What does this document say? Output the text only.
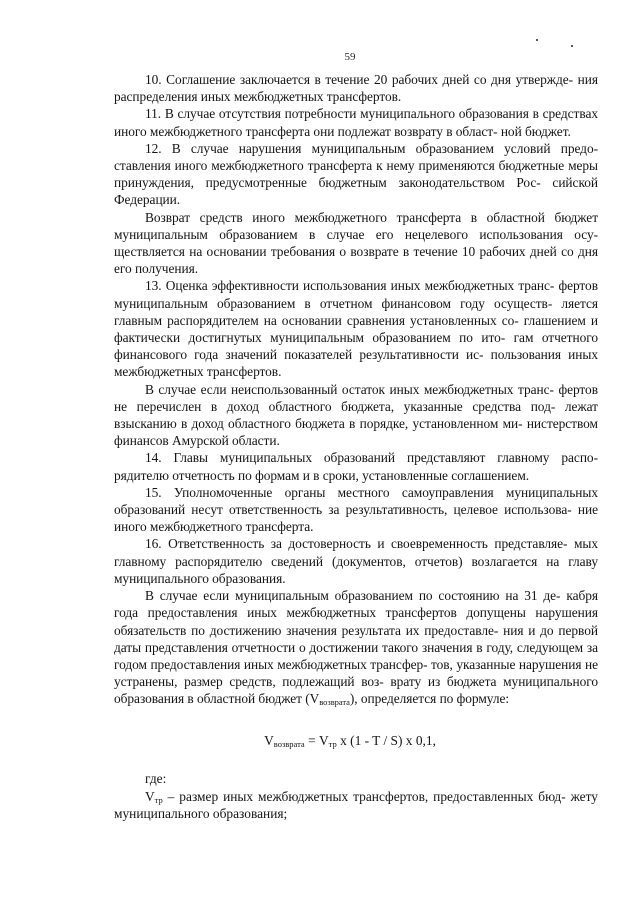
59

10. Соглашение заключается в течение 20 рабочих дней со дня утвержде- ния распределения иных межбюджетных трансфертов.

11. В случае отсутствия потребности муниципального образования в средствах иного межбюджетного трансферта они подлежат возврату в област- ной бюджет.

12. В случае нарушения муниципальным образованием условий предо- ставления иного межбюджетного трансферта к нему применяются бюджетные меры принуждения, предусмотренные бюджетным законодательством Рос- сийской Федерации.

Возврат средств иного межбюджетного трансферта в областной бюджет муниципальным образованием в случае его нецелевого использования осу- ществляется на основании требования о возврате в течение 10 рабочих дней со дня его получения.

13. Оценка эффективности использования иных межбюджетных транс- фертов муниципальным образованием в отчетном финансовом году осуществ- ляется главным распорядителем на основании сравнения установленных со- глашением и фактически достигнутых муниципальным образованием по ито- гам отчетного финансового года значений показателей результативности ис- пользования иных межбюджетных трансфертов.

В случае если неиспользованный остаток иных межбюджетных транс- фертов не перечислен в доход областного бюджета, указанные средства под- лежат взысканию в доход областного бюджета в порядке, установленном ми- нистерством финансов Амурской области.

14. Главы муниципальных образований представляют главному распо- рядителю отчетность по формам и в сроки, установленные соглашением.

15. Уполномоченные органы местного самоуправления муниципальных образований несут ответственность за результативность, целевое использова- ние иного межбюджетного трансферта.

16. Ответственность за достоверность и своевременность представляе- мых главному распорядителю сведений (документов, отчетов) возлагается на главу муниципального образования.

В случае если муниципальным образованием по состоянию на 31 де- кабря года предоставления иных межбюджетных трансфертов допущены нарушения обязательств по достижению значения результата их предоставле- ния и до первой даты представления отчетности о достижении такого значения в году, следующем за годом предоставления иных межбюджетных трансфер- тов, указанные нарушения не устранены, размер средств, подлежащий воз- врату из бюджета муниципального образования в областной бюджет $(V_{возврата})$, определяется по формуле:

$V_{возврата} = V_{тр}$ x (1 - T / S) x 0,1,
где:
$V_{тр}$ – размер иных межбюджетных трансфертов, предоставленных бюд- жету муниципального образования;
